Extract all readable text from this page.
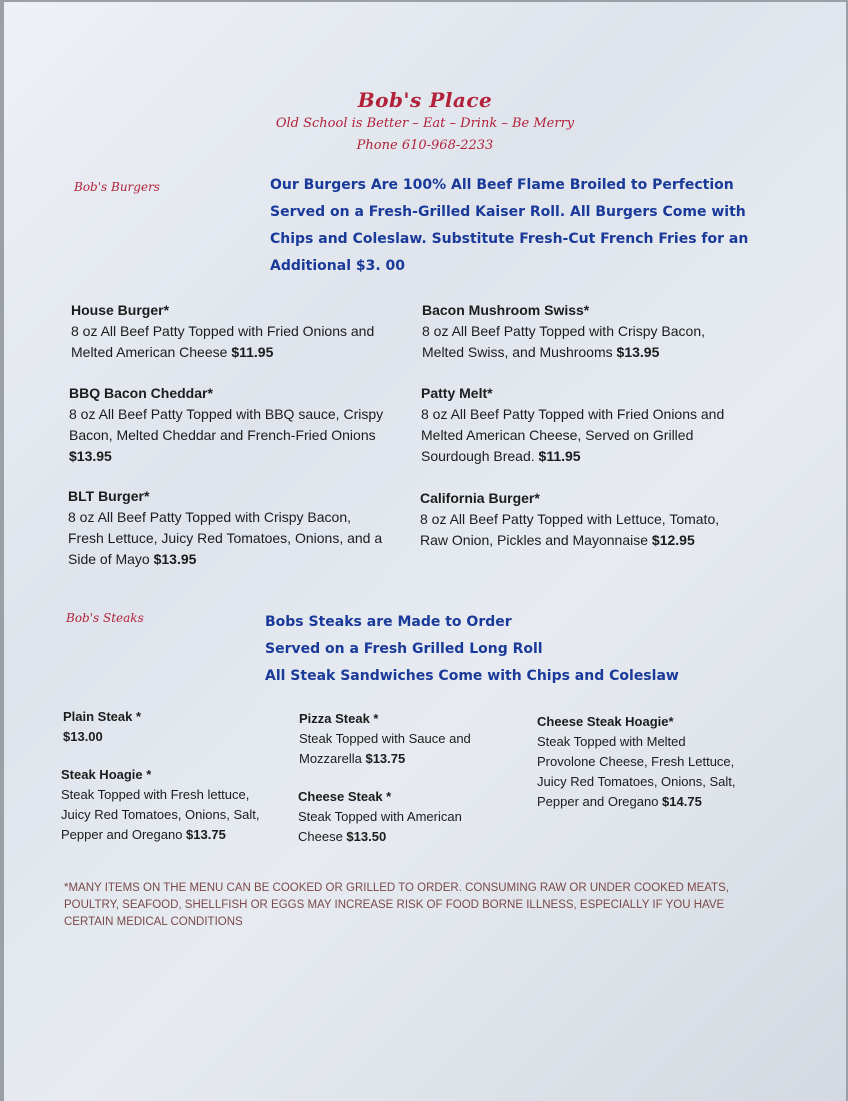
Bob's Place
Old School is Better – Eat – Drink – Be Merry
Phone 610-968-2233
Bob's Burgers	Our Burgers Are 100% All Beef Flame Broiled to Perfection
Served on a Fresh-Grilled Kaiser Roll. All Burgers Come with
Chips and Coleslaw. Substitute Fresh-Cut French Fries for an
Additional $3. 00
House Burger*
8 oz All Beef Patty Topped with Fried Onions and
Melted American Cheese $11.95
Bacon Mushroom Swiss*
8 oz All Beef Patty Topped with Crispy Bacon,
Melted Swiss, and Mushrooms $13.95
BBQ Bacon Cheddar*
8 oz All Beef Patty Topped with BBQ sauce, Crispy
Bacon, Melted Cheddar and French-Fried Onions
$13.95
Patty Melt*
8 oz All Beef Patty Topped with Fried Onions and
Melted American Cheese, Served on Grilled
Sourdough Bread. $11.95
BLT Burger*
8 oz All Beef Patty Topped with Crispy Bacon,
Fresh Lettuce, Juicy Red Tomatoes, Onions, and a
Side of Mayo $13.95
California Burger*
8 oz All Beef Patty Topped with Lettuce, Tomato,
Raw Onion, Pickles and Mayonnaise $12.95
Bob's Steaks	Bobs Steaks are Made to Order
Served on a Fresh Grilled Long Roll
All Steak Sandwiches Come with Chips and Coleslaw
Plain Steak *
$13.00
Steak Hoagie *
Steak Topped with Fresh lettuce,
Juicy Red Tomatoes, Onions, Salt,
Pepper and Oregano $13.75
Pizza Steak *
Steak Topped with Sauce and
Mozzarella $13.75
Cheese Steak *
Steak Topped with American
Cheese $13.50
Cheese Steak Hoagie*
Steak Topped with Melted
Provolone Cheese, Fresh Lettuce,
Juicy Red Tomatoes, Onions, Salt,
Pepper and Oregano $14.75
*MANY ITEMS ON THE MENU CAN BE COOKED OR GRILLED TO ORDER. CONSUMING RAW OR UNDER COOKED MEATS,
POULTRY, SEAFOOD, SHELLFISH OR EGGS MAY INCREASE RISK OF FOOD BORNE ILLNESS, ESPECIALLY IF YOU HAVE
CERTAIN MEDICAL CONDITIONS
